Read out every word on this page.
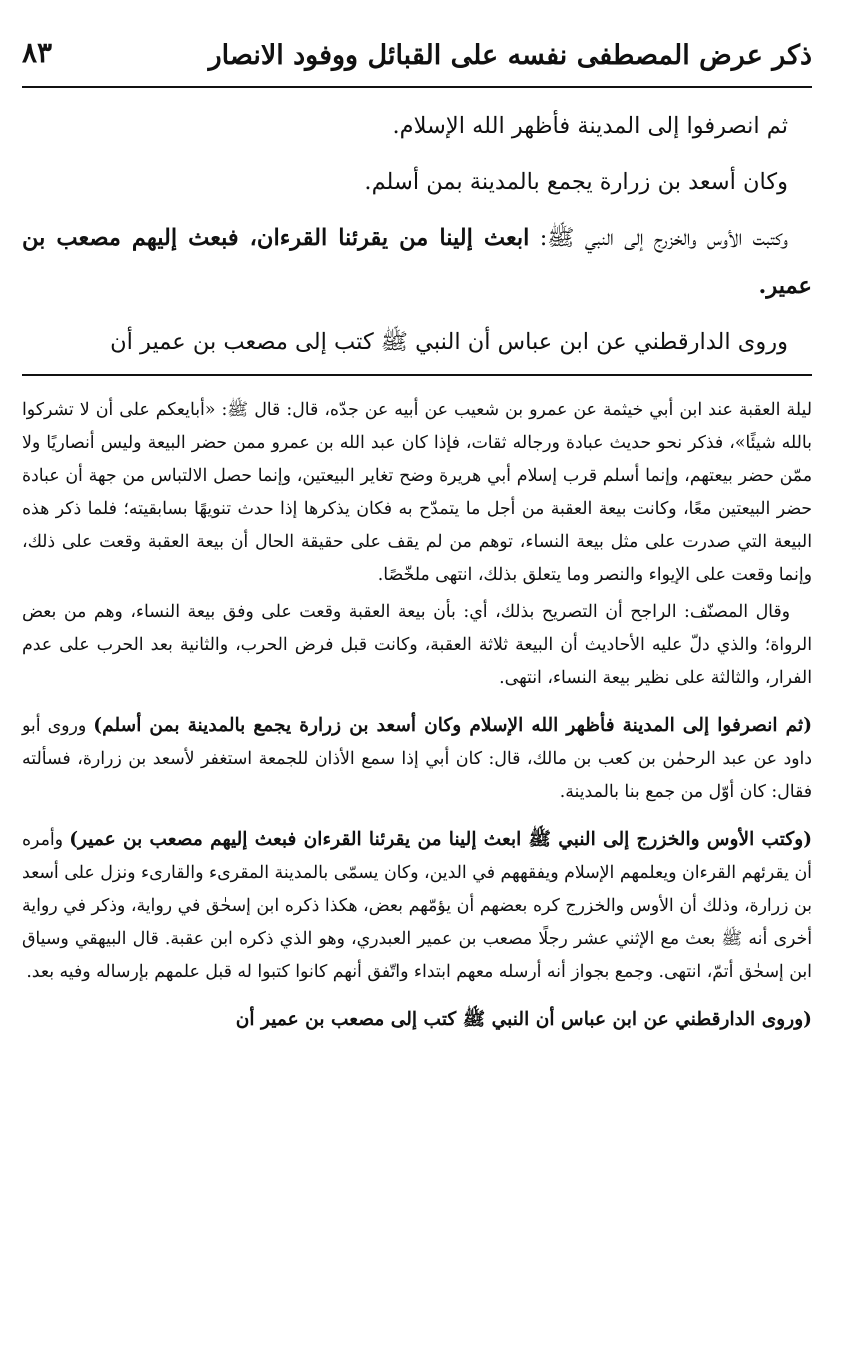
ذكر عرض المصطفى نفسه على القبائل ووفود الانصار
٨٣

ثم انصرفوا إلى المدينة فأظهر الله الإسلام.

وكان أسعد بن زرارة يجمع بالمدينة بمن أسلم.

وكتبت الأوس والخزرج إلى النبي ﷺ: ابعث إلينا من يقرئنا القرءان، فبعث إليهم مصعب بن عمير.

وروى الدارقطني عن ابن عباس أن النبي ﷺ كتب إلى مصعب بن عمير أن

ليلة العقبة عند ابن أبي خيثمة عن عمرو بن شعيب عن أبيه عن جدّه، قال: قال ﷺ: «أبايعكم على أن لا تشركوا بالله شيئًا»، فذكر نحو حديث عبادة ورجاله ثقات، فإذا كان عبد الله بن عمرو ممن حضر البيعة وليس أنصاريًا ولا ممّن حضر بيعتهم، وإنما أسلم قرب إسلام أبي هريرة وضح تغاير البيعتين، وإنما حصل الالتباس من جهة أن عبادة حضر البيعتين معًا، وكانت بيعة العقبة من أجل ما يتمدّح به فكان يذكرها إذا حدث تنويهًا بسابقيته؛ فلما ذكر هذه البيعة التي صدرت على مثل بيعة النساء، توهم من لم يقف على حقيقة الحال أن بيعة العقبة وقعت على ذلك، وإنما وقعت على الإيواء والنصر وما يتعلق بذلك، انتهى ملخّصًا.

وقال المصنّف: الراجح أن التصريح بذلك، أي: بأن بيعة العقبة وقعت على وفق بيعة النساء، وهم من بعض الرواة؛ والذي دلّ عليه الأحاديث أن البيعة ثلاثة العقبة، وكانت قبل فرض الحرب، والثانية بعد الحرب على عدم الفرار، والثالثة على نظير بيعة النساء، انتهى.

(ثم انصرفوا إلى المدينة فأظهر الله الإسلام وكان أسعد بن زرارة يجمع بالمدينة بمن أسلم) وروى أبو داود عن عبد الرحمٰن بن كعب بن مالك، قال: كان أبي إذا سمع الأذان للجمعة استغفر لأسعد بن زرارة، فسألته فقال: كان أوّل من جمع بنا بالمدينة.

(وكتب الأوس والخزرج إلى النبي ﷺ ابعث إلينا من يقرئنا القرءان فبعث إليهم مصعب بن عمير) وأمره أن يقرئهم القرءان ويعلمهم الإسلام ويفقههم في الدين، وكان يسمّى بالمدينة المقرىء والقارىء ونزل على أسعد بن زرارة، وذلك أن الأوس والخزرج كره بعضهم أن يؤمّهم بعض، هكذا ذكره ابن إسحٰق في رواية، وذكر في رواية أخرى أنه ﷺ بعث مع الإثني عشر رجلًا مصعب بن عمير العبدري، وهو الذي ذكره ابن عقبة. قال البيهقي وسياق ابن إسحٰق أتمّ، انتهى. وجمع بجواز أنه أرسله معهم ابتداء واتّفق أنهم كانوا كتبوا له قبل علمهم بإرساله وفيه بعد.

(وروى الدارقطني عن ابن عباس أن النبي ﷺ كتب إلى مصعب بن عمير أن
